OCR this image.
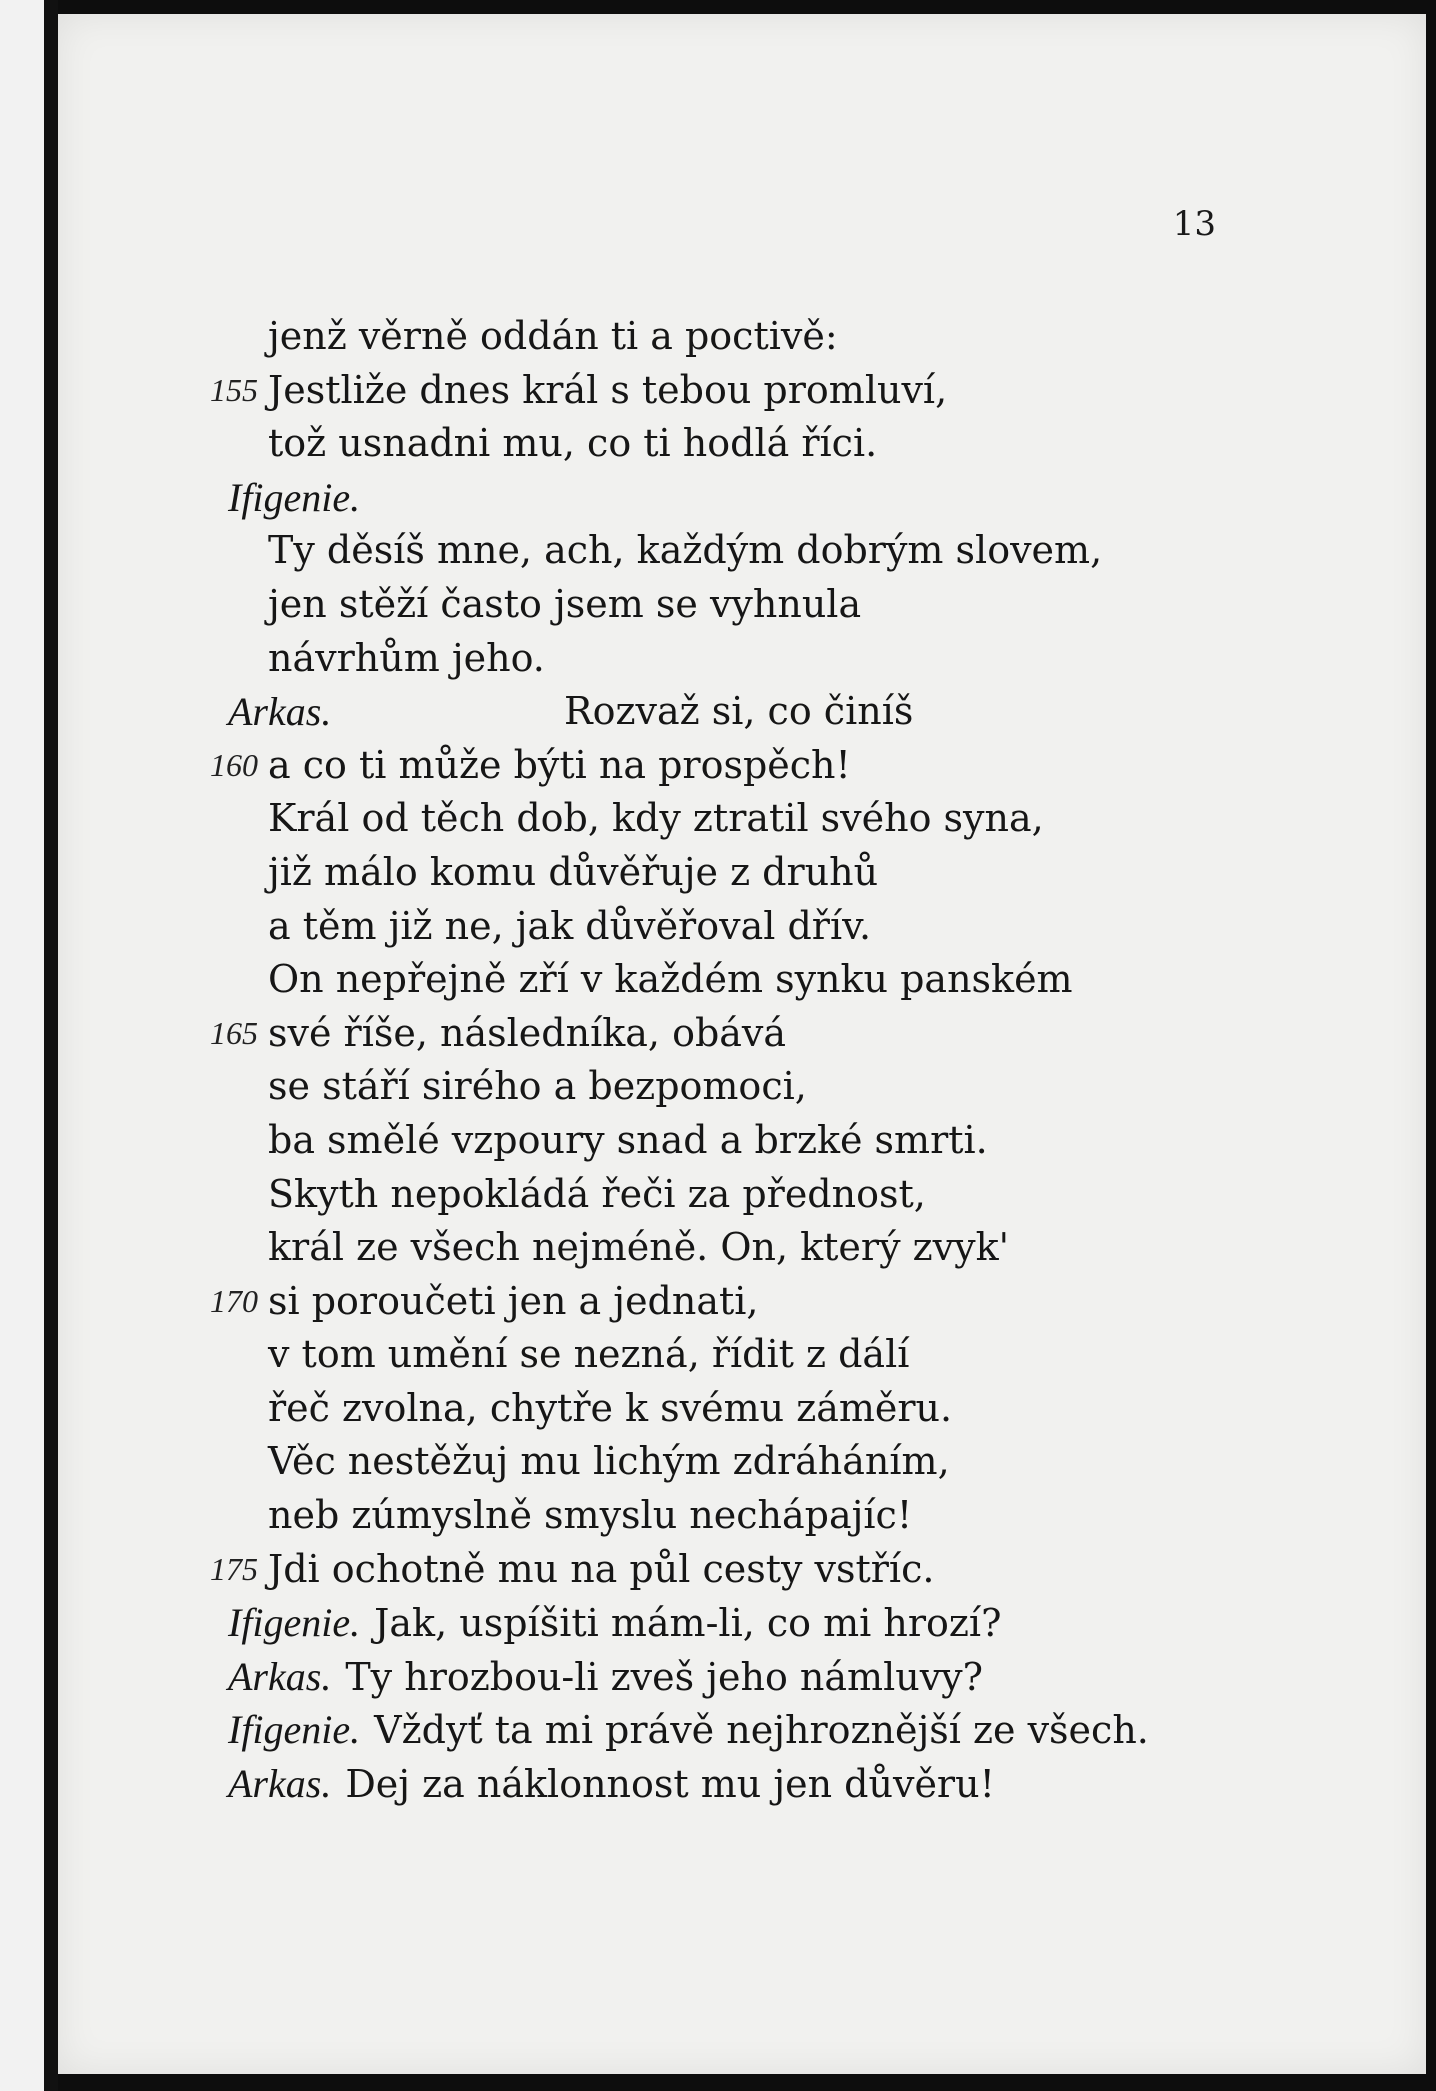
13
jenž věrně oddán ti a poctivě:
155 Jestliže dnes král s tebou promluví,
tož usnadni mu, co ti hodlá říci.
Ifigenie.
Ty děsíš mne, ach, každým dobrým slovem,
jen stěží často jsem se vyhnula
návrhům jeho.
Arkas.	Rozvaž si, co činíš
160 a co ti může býti na prospěch!
Král od těch dob, kdy ztratil svého syna,
již málo komu důvěřuje z druhů
a těm již ne, jak důvěřoval dřív.
On nepřejně zří v každém synku panském
165 své říše, následníka, obává
se stáří sirého a bezpomoci,
ba smělé vzpoury snad a brzké smrti.
Skyth nepokládá řeči za přednost,
král ze všech nejméně. On, který zvyk'
170 si poroučeti jen a jednati,
v tom umění se nezná, řídit z dálí
řeč zvolna, chytře k svému záměru.
Věc nestěžuj mu lichým zdráháním,
neb zúmyslně smyslu nechápajíc!
175 Jdi ochotně mu na půl cesty vstříc.
Ifigenie. Jak, uspíšiti mám-li, co mi hrozí?
Arkas. Ty hrozbou-li zveš jeho námluvy?
Ifigenie. Vždyť ta mi právě nejhroznější ze všech.
Arkas. Dej za náklonnost mu jen důvěru!
